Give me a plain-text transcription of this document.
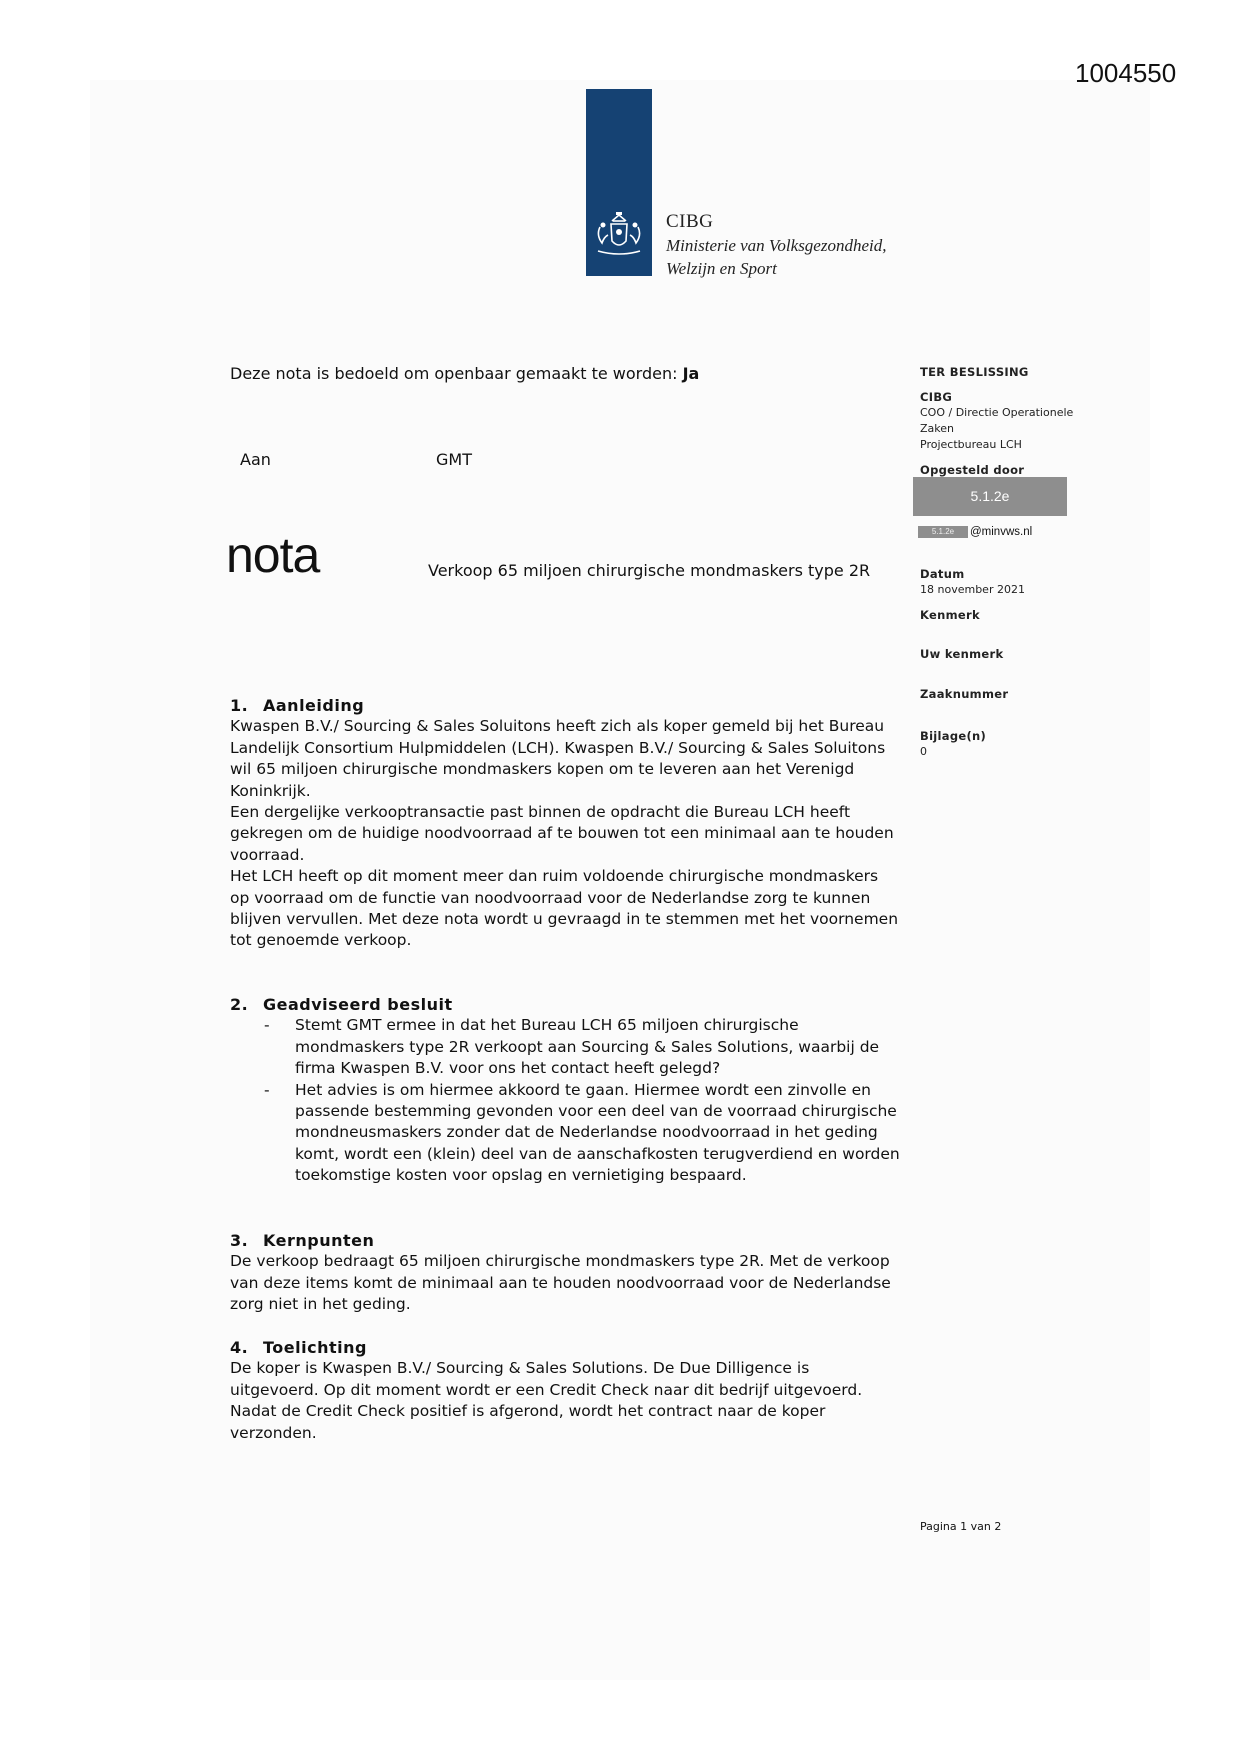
1004550
CIBG
Ministerie van Volksgezondheid,
Welzijn en Sport
Deze nota is bedoeld om openbaar gemaakt te worden: Ja
Aan	GMT
nota	Verkoop 65 miljoen chirurgische mondmaskers type 2R
TER BESLISSING
CIBG
COO / Directie Operationele
Zaken
Projectbureau LCH
Opgesteld door
5.1.2e
5.1.2e @minvws.nl
Datum
18 november 2021
Kenmerk
Uw kenmerk
Zaaknummer
Bijlage(n)
0
1. Aanleiding

Kwaspen B.V./ Sourcing & Sales Soluitons heeft zich als koper gemeld bij het Bureau Landelijk Consortium Hulpmiddelen (LCH). Kwaspen B.V./ Sourcing & Sales Soluitons wil 65 miljoen chirurgische mondmaskers kopen om te leveren aan het Verenigd Koninkrijk.

Een dergelijke verkooptransactie past binnen de opdracht die Bureau LCH heeft gekregen om de huidige noodvoorraad af te bouwen tot een minimaal aan te houden voorraad.

Het LCH heeft op dit moment meer dan ruim voldoende chirurgische mondmaskers op voorraad om de functie van noodvoorraad voor de Nederlandse zorg te kunnen blijven vervullen. Met deze nota wordt u gevraagd in te stemmen met het voornemen tot genoemde verkoop.

2. Geadviseerd besluit
- Stemt GMT ermee in dat het Bureau LCH 65 miljoen chirurgische mondmaskers type 2R verkoopt aan Sourcing & Sales Solutions, waarbij de firma Kwaspen B.V. voor ons het contact heeft gelegd?
- Het advies is om hiermee akkoord te gaan. Hiermee wordt een zinvolle en passende bestemming gevonden voor een deel van de voorraad chirurgische mondneusmaskers zonder dat de Nederlandse noodvoorraad in het geding komt, wordt een (klein) deel van de aanschafkosten terugverdiend en worden toekomstige kosten voor opslag en vernietiging bespaard.
3. Kernpunten

De verkoop bedraagt 65 miljoen chirurgische mondmaskers type 2R. Met de verkoop van deze items komt de minimaal aan te houden noodvoorraad voor de Nederlandse zorg niet in het geding.

4. Toelichting

De koper is Kwaspen B.V./ Sourcing & Sales Solutions. De Due Dilligence is uitgevoerd. Op dit moment wordt er een Credit Check naar dit bedrijf uitgevoerd. Nadat de Credit Check positief is afgerond, wordt het contract naar de koper verzonden.

Pagina 1 van 2
